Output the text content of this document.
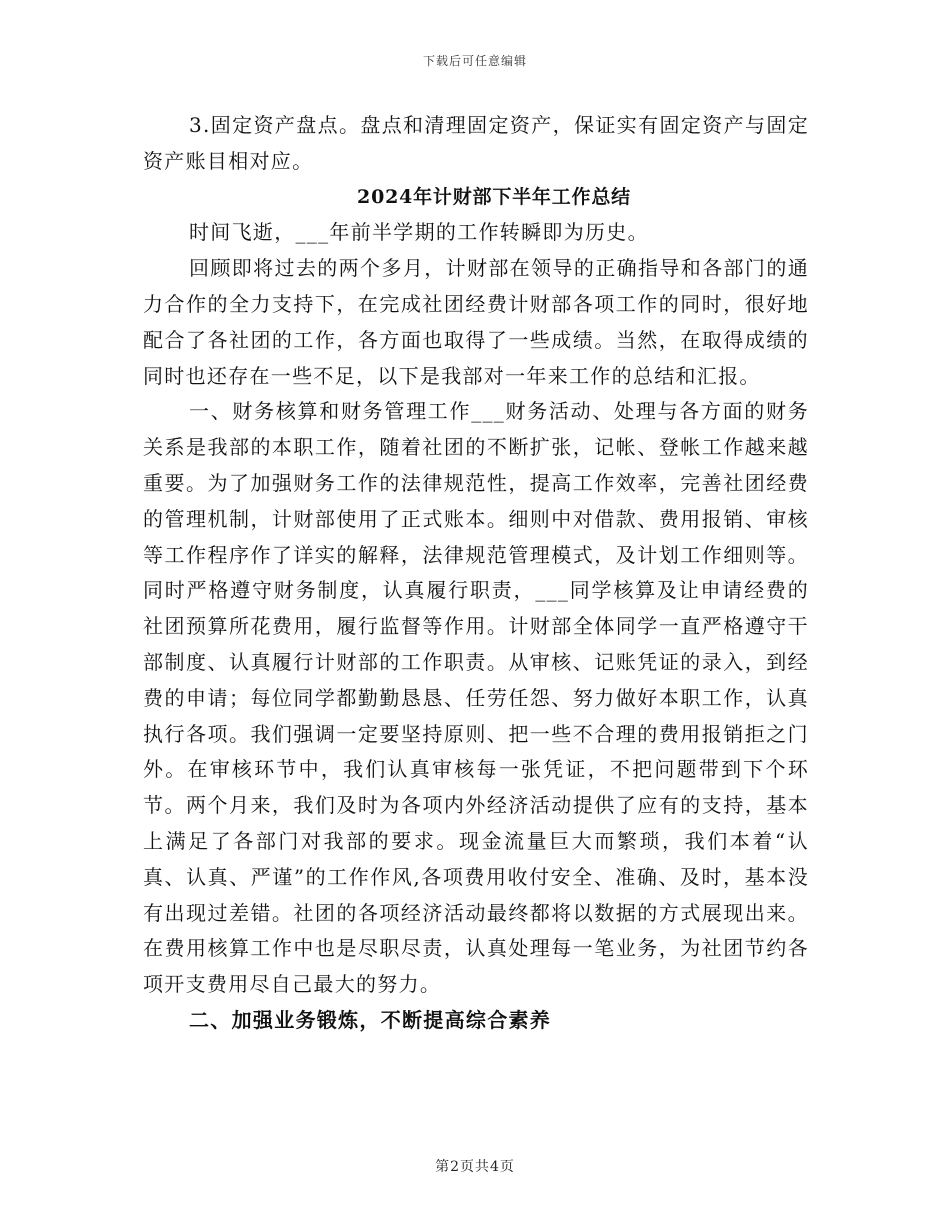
下载后可任意编辑

3.固定资产盘点。盘点和清理固定资产，保证实有固定资产与固定资产账目相对应。

2024年计财部下半年工作总结

时间飞逝，___年前半学期的工作转瞬即为历史。

回顾即将过去的两个多月，计财部在领导的正确指导和各部门的通力合作的全力支持下，在完成社团经费计财部各项工作的同时，很好地配合了各社团的工作，各方面也取得了一些成绩。当然，在取得成绩的同时也还存在一些不足，以下是我部对一年来工作的总结和汇报。

一、财务核算和财务管理工作___财务活动、处理与各方面的财务关系是我部的本职工作，随着社团的不断扩张，记帐、登帐工作越来越重要。为了加强财务工作的法律规范性，提高工作效率，完善社团经费的管理机制，计财部使用了正式账本。细则中对借款、费用报销、审核等工作程序作了详实的解释，法律规范管理模式，及计划工作细则等。同时严格遵守财务制度，认真履行职责，___同学核算及让申请经费的社团预算所花费用，履行监督等作用。计财部全体同学一直严格遵守干部制度、认真履行计财部的工作职责。从审核、记账凭证的录入，到经费的申请；每位同学都勤勤恳恳、任劳任怨、努力做好本职工作，认真执行各项。我们强调一定要坚持原则、把一些不合理的费用报销拒之门外。在审核环节中，我们认真审核每一张凭证，不把问题带到下个环节。两个月来，我们及时为各项内外经济活动提供了应有的支持，基本上满足了各部门对我部的要求。现金流量巨大而繁琐，我们本着“认真、认真、严谨”的工作作风,各项费用收付安全、准确、及时，基本没有出现过差错。社团的各项经济活动最终都将以数据的方式展现出来。在费用核算工作中也是尽职尽责，认真处理每一笔业务，为社团节约各项开支费用尽自己最大的努力。

二、加强业务锻炼，不断提高综合素养

第2页共4页
